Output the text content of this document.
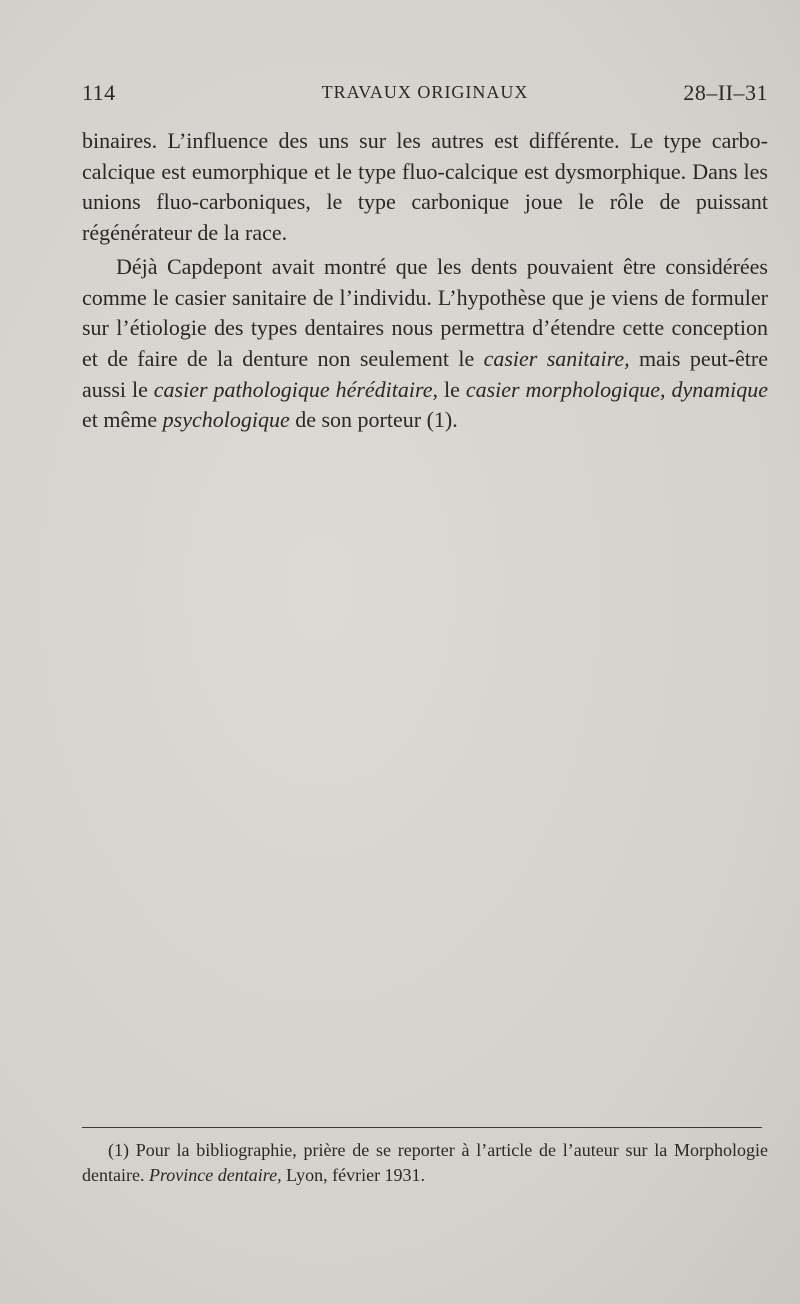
114	TRAVAUX ORIGINAUX	28–II–31

binaires. L’influence des uns sur les autres est différente. Le type carbo-calcique est eumorphique et le type fluo-calcique est dysmorphique. Dans les unions fluo-carboniques, le type carbonique joue le rôle de puissant régénérateur de la race.

Déjà Capdepont avait montré que les dents pouvaient être considérées comme le casier sanitaire de l’individu. L’hypothèse que je viens de formuler sur l’étiologie des types dentaires nous permettra d’étendre cette conception et de faire de la denture non seulement le casier sanitaire, mais peut-être aussi le casier pathologique héréditaire, le casier morphologique, dynamique et même psychologique de son porteur (1).

(1) Pour la bibliographie, prière de se reporter à l’article de l’auteur sur la Morphologie dentaire. Province dentaire, Lyon, février 1931.
